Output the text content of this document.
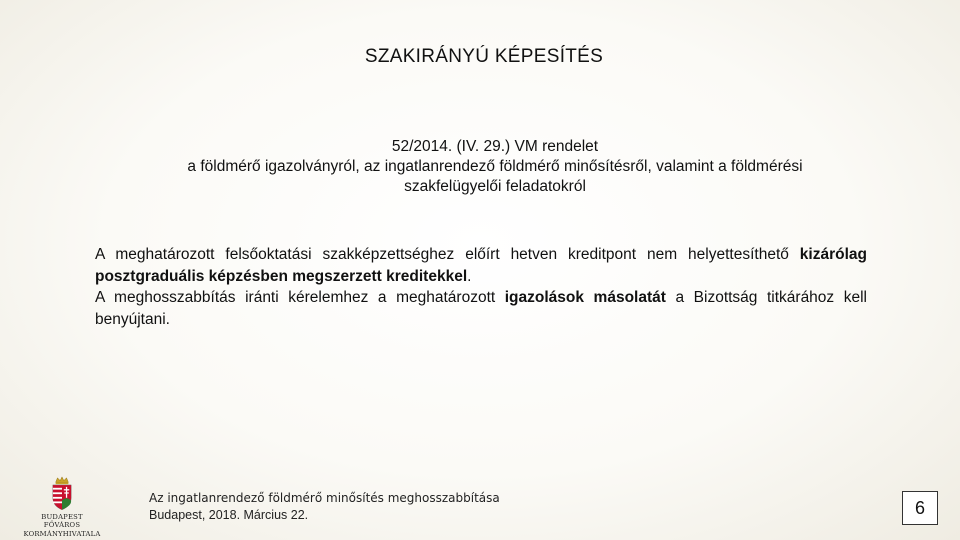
SZAKIRÁNYÚ KÉPESÍTÉS
52/2014. (IV. 29.) VM rendelet
a földmérő igazolványról, az ingatlanrendező földmérő minősítésről, valamint a földmérési
szakfelügyelői feladatokról

A meghatározott felsőoktatási szakképzettséghez előírt hetven kreditpont nem helyettesíthető kizárólag posztgraduális képzésben megszerzett kreditekkel.

A meghosszabbítás iránti kérelemhez a meghatározott igazolások másolatát a Bizottság titkárához kell benyújtani.

BUDAPEST FŐVÁROS
KORMÁNYHIVATALA
Az ingatlanrendező földmérő minősítés meghosszabbítása
Budapest, 2018. Március 22.	6
